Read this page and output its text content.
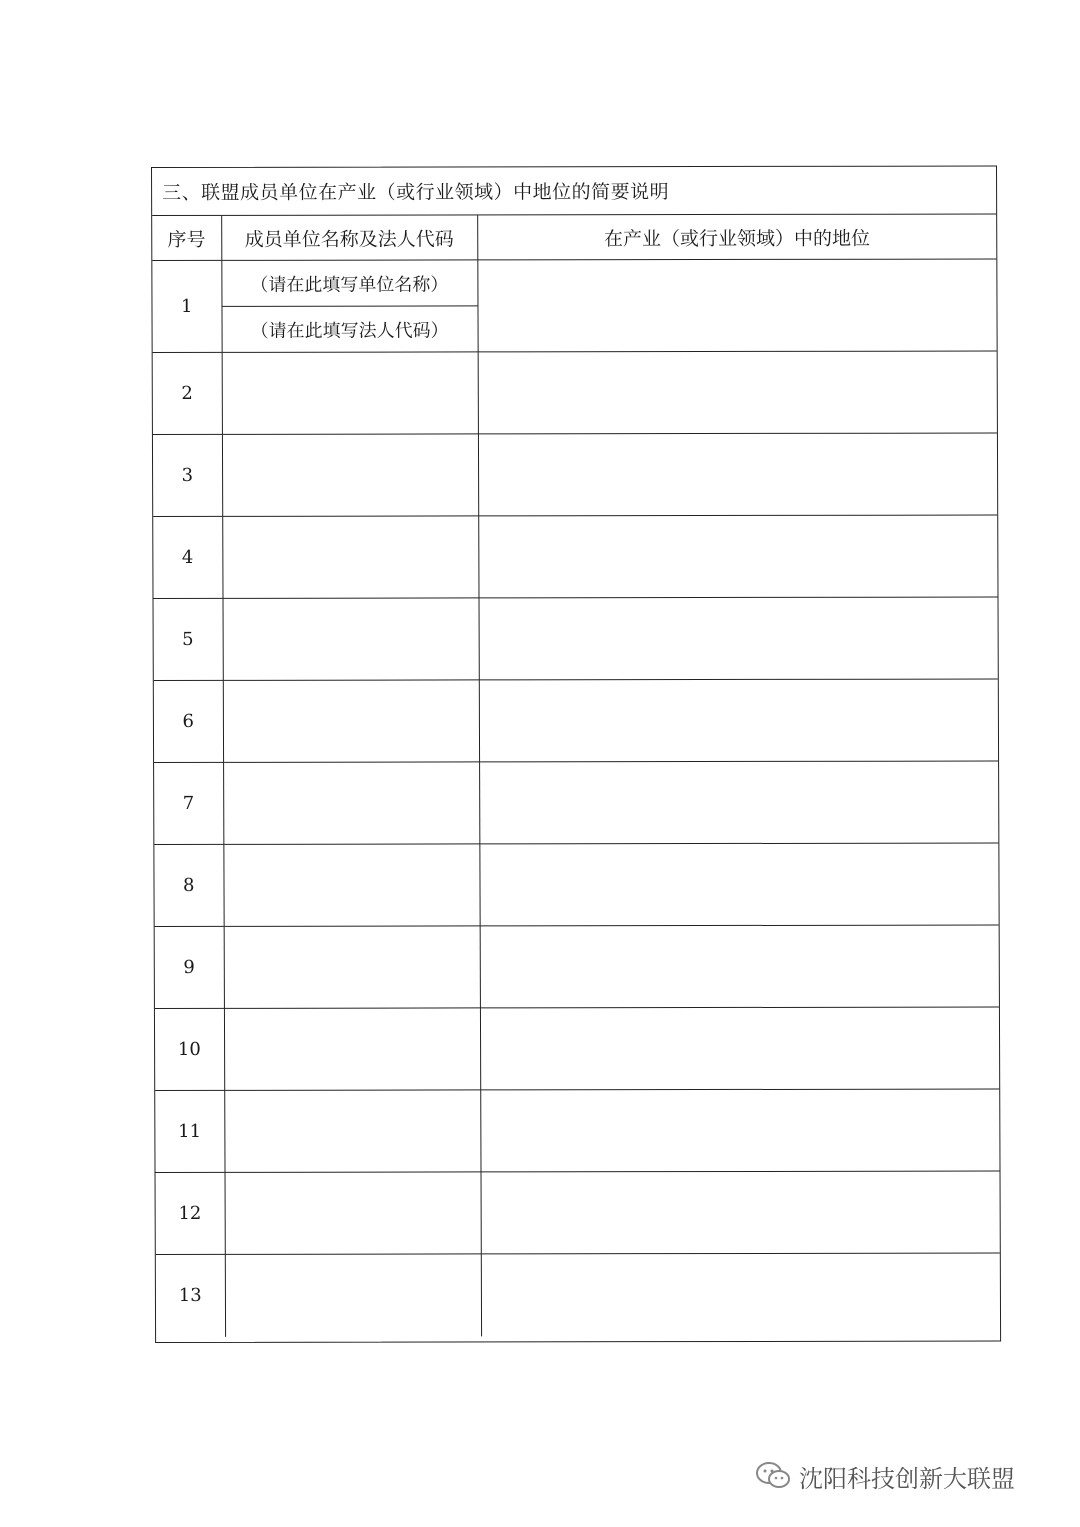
三、联盟成员单位在产业（或行业领域）中地位的简要说明
序号	成员单位名称及法人代码	在产业（或行业领域）中的地位
1	（请在此填写单位名称）	
	（请在此填写法人代码）	
2		
3		
4		
5		
6		
7		
8		
9		
10		
11		
12		
13		
沈阳科技创新大联盟
